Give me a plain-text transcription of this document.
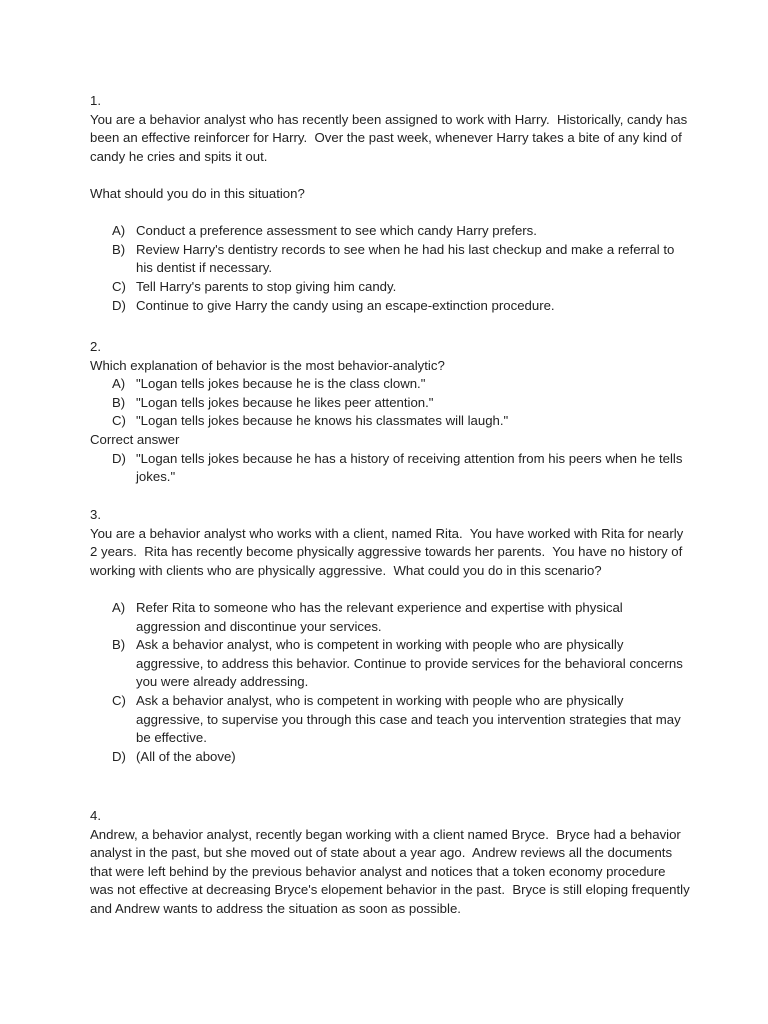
1.

You are a behavior analyst who has recently been assigned to work with Harry.  Historically, candy has been an effective reinforcer for Harry.  Over the past week, whenever Harry takes a bite of any kind of candy he cries and spits it out.

What should you do in this situation?

A) Conduct a preference assessment to see which candy Harry prefers.
B) Review Harry's dentistry records to see when he had his last checkup and make a referral to his dentist if necessary.
C) Tell Harry's parents to stop giving him candy.
D) Continue to give Harry the candy using an escape-extinction procedure.

2.

Which explanation of behavior is the most behavior-analytic?

A) "Logan tells jokes because he is the class clown."
B) "Logan tells jokes because he likes peer attention."
C) "Logan tells jokes because he knows his classmates will laugh."

Correct answer

D) "Logan tells jokes because he has a history of receiving attention from his peers when he tells jokes."

3.

You are a behavior analyst who works with a client, named Rita.  You have worked with Rita for nearly 2 years.  Rita has recently become physically aggressive towards her parents.  You have no history of working with clients who are physically aggressive.  What could you do in this scenario?

A) Refer Rita to someone who has the relevant experience and expertise with physical aggression and discontinue your services.
B) Ask a behavior analyst, who is competent in working with people who are physically aggressive, to address this behavior. Continue to provide services for the behavioral concerns you were already addressing.
C) Ask a behavior analyst, who is competent in working with people who are physically aggressive, to supervise you through this case and teach you intervention strategies that may be effective.
D) (All of the above)

4.

Andrew, a behavior analyst, recently began working with a client named Bryce.  Bryce had a behavior analyst in the past, but she moved out of state about a year ago.  Andrew reviews all the documents that were left behind by the previous behavior analyst and notices that a token economy procedure was not effective at decreasing Bryce's elopement behavior in the past.  Bryce is still eloping frequently and Andrew wants to address the situation as soon as possible.
